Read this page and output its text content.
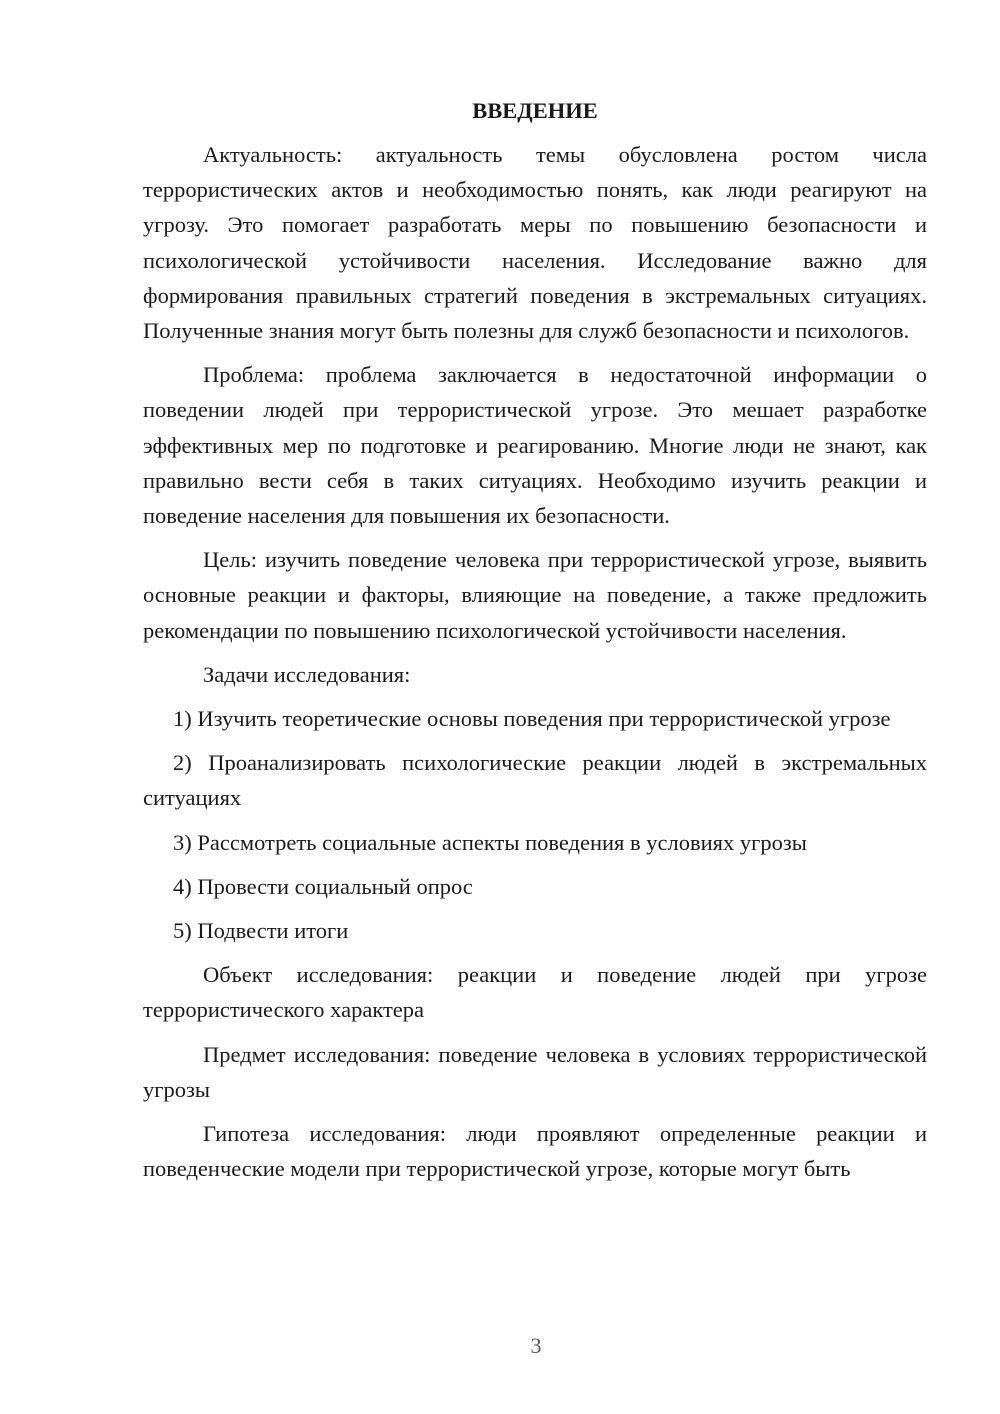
ВВЕДЕНИЕ

Актуальность: актуальность темы обусловлена ростом числа террористических актов и необходимостью понять, как люди реагируют на угрозу. Это помогает разработать меры по повышению безопасности и психологической устойчивости населения. Исследование важно для формирования правильных стратегий поведения в экстремальных ситуациях. Полученные знания могут быть полезны для служб безопасности и психологов.

Проблема: проблема заключается в недостаточной информации о поведении людей при террористической угрозе. Это мешает разработке эффективных мер по подготовке и реагированию. Многие люди не знают, как правильно вести себя в таких ситуациях. Необходимо изучить реакции и поведение населения для повышения их безопасности.

Цель: изучить поведение человека при террористической угрозе, выявить основные реакции и факторы, влияющие на поведение, а также предложить рекомендации по повышению психологической устойчивости населения.

Задачи исследования:

1) Изучить теоретические основы поведения при террористической угрозе

2) Проанализировать психологические реакции людей в экстремальных ситуациях

3) Рассмотреть социальные аспекты поведения в условиях угрозы

4) Провести социальный опрос

5) Подвести итоги

Объект исследования: реакции и поведение людей при угрозе террористического характера

Предмет исследования: поведение человека в условиях террористической угрозы

Гипотеза исследования: люди проявляют определенные реакции и поведенческие модели при террористической угрозе, которые могут быть

3
